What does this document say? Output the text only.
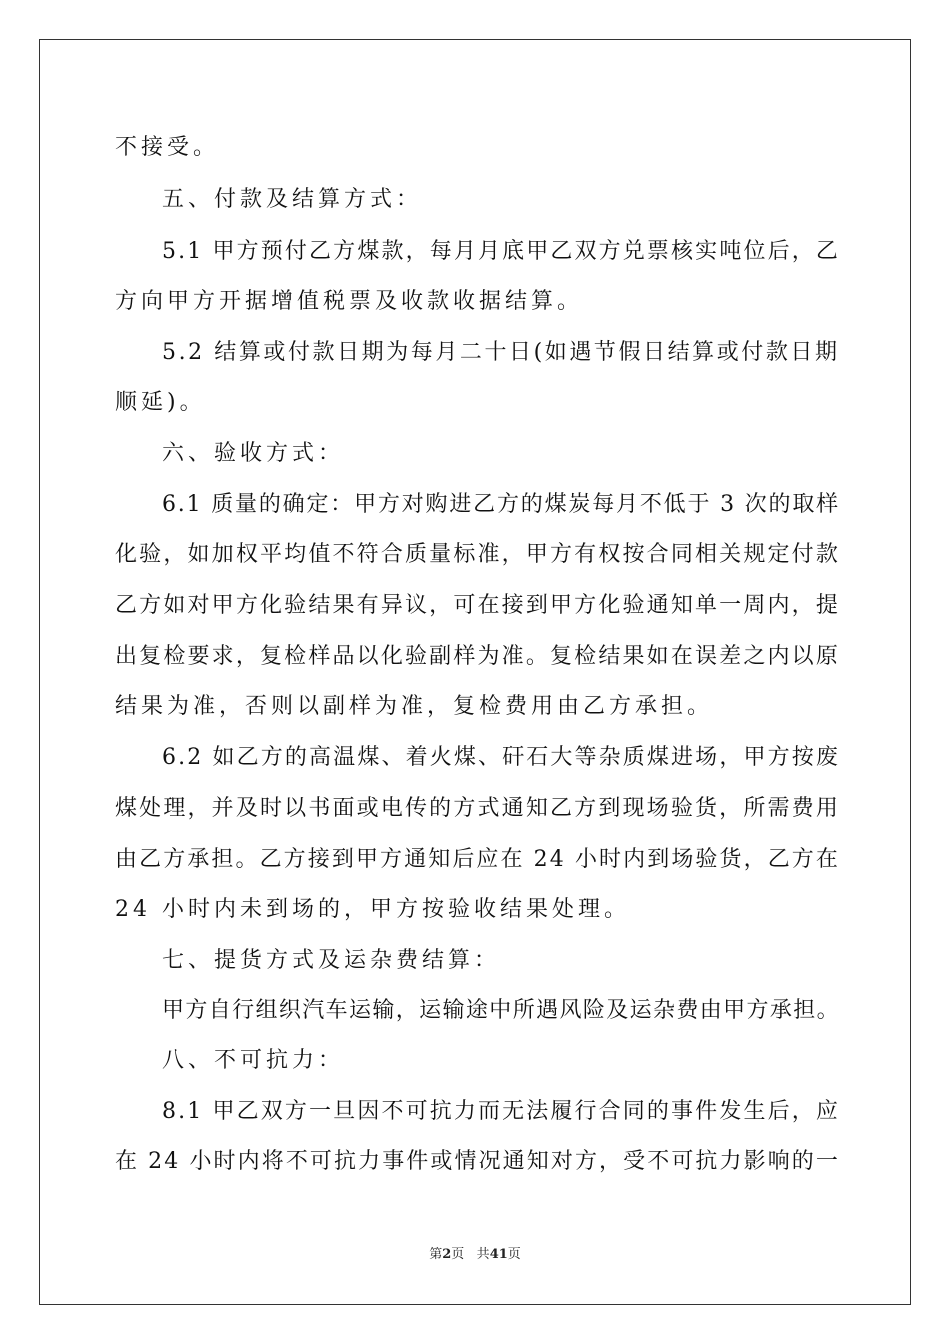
不接受。
五、付款及结算方式：
5.1 甲方预付乙方煤款，每月月底甲乙双方兑票核实吨位后，乙
方向甲方开据增值税票及收款收据结算。
5.2 结算或付款日期为每月二十日(如遇节假日结算或付款日期
顺延)。
六、验收方式：
6.1 质量的确定：甲方对购进乙方的煤炭每月不低于 3 次的取样
化验，如加权平均值不符合质量标准，甲方有权按合同相关规定付款
乙方如对甲方化验结果有异议，可在接到甲方化验通知单一周内，提
出复检要求，复检样品以化验副样为准。复检结果如在误差之内以原
结果为准，否则以副样为准，复检费用由乙方承担。
6.2 如乙方的高温煤、着火煤、矸石大等杂质煤进场，甲方按废
煤处理，并及时以书面或电传的方式通知乙方到现场验货，所需费用
由乙方承担。乙方接到甲方通知后应在 24 小时内到场验货，乙方在
24 小时内未到场的，甲方按验收结果处理。
七、提货方式及运杂费结算：
甲方自行组织汽车运输，运输途中所遇风险及运杂费由甲方承担。
八、不可抗力：
8.1 甲乙双方一旦因不可抗力而无法履行合同的事件发生后，应
在 24 小时内将不可抗力事件或情况通知对方，受不可抗力影响的一
第2页 共41页
